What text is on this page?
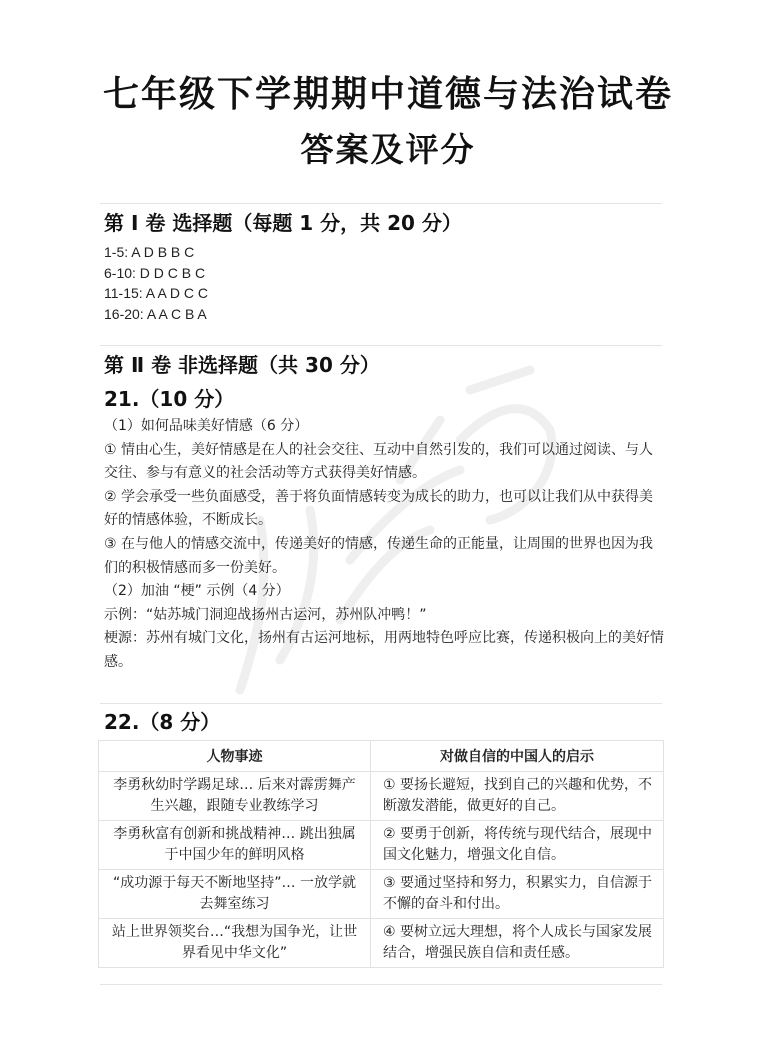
七年级下学期期中道德与法治试卷
答案及评分
第 Ⅰ 卷 选择题（每题 1 分，共 20 分）
1-5: A D B B C
6-10: D D C B C
11-15: A A D C C
16-20: A A C B A
第 Ⅱ 卷 非选择题（共 30 分）
21.（10 分）
（1）如何品味美好情感（6 分）
① 情由心生，美好情感是在人的社会交往、互动中自然引发的，我们可以通过阅读、与人交往、参与有意义的社会活动等方式获得美好情感。
② 学会承受一些负面感受，善于将负面情感转变为成长的助力，也可以让我们从中获得美好的情感体验，不断成长。
③ 在与他人的情感交流中，传递美好的情感，传递生命的正能量，让周围的世界也因为我们的积极情感而多一份美好。
（2）加油 “梗” 示例（4 分）
示例：“姑苏城门洞迎战扬州古运河，苏州队冲鸭！”
梗源：苏州有城门文化，扬州有古运河地标，用两地特色呼应比赛，传递积极向上的美好情感。
22.（8 分）
人物事迹	对做自信的中国人的启示
李勇秋幼时学踢足球… 后来对霹雳舞产生兴趣，跟随专业教练学习	① 要扬长避短，找到自己的兴趣和优势，不断激发潜能，做更好的自己。
李勇秋富有创新和挑战精神… 跳出独属于中国少年的鲜明风格	② 要勇于创新，将传统与现代结合，展现中国文化魅力，增强文化自信。
“成功源于每天不断地坚持”… 一放学就去舞室练习	③ 要通过坚持和努力，积累实力，自信源于不懈的奋斗和付出。
站上世界领奖台…“我想为国争光，让世界看见中华文化”	④ 要树立远大理想，将个人成长与国家发展结合，增强民族自信和责任感。
